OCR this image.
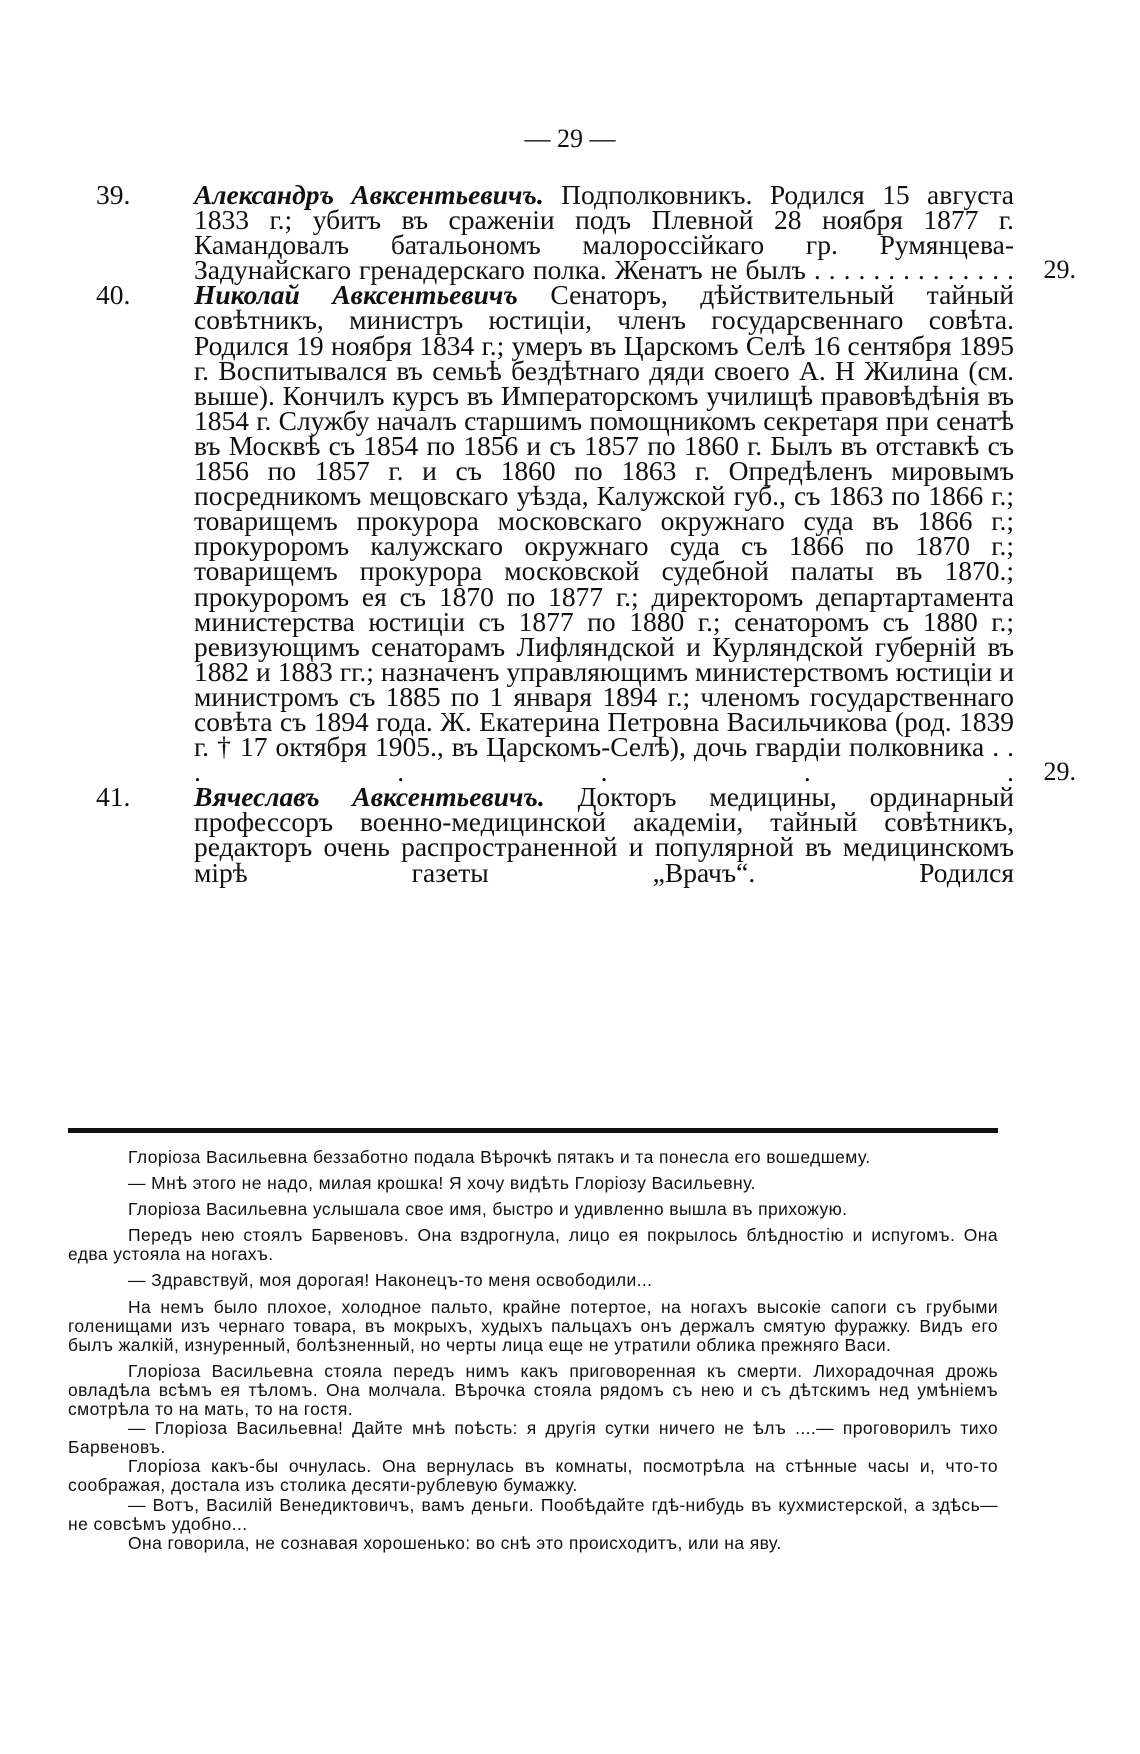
— 29 —

39. Александръ Авксентьевичъ. Подполковникъ. Родился 15 августа 1833 г.; убитъ въ сраженіи подъ Плевной 28 ноября 1877 г. Камандовалъ батальономъ малороссійкаго гр. Румянцева-Задунайскаго гренадерскаго полка. Женатъ не былъ . . . . . . . . . . . . . .	29.

40. Николай Авксентьевичъ Сенаторъ, дѣйствительный тайный совѣтникъ, министръ юстиціи, членъ государсвеннаго совѣта. Родился 19 ноября 1834 г.; умеръ въ Царскомъ Селѣ 16 сентября 1895 г. Воспитывался въ семьѣ бездѣтнаго дяди своего А. Н Жилина (см. выше). Кончилъ курсъ въ Императорскомъ училищѣ правовѣдѣнія въ 1854 г. Службу началъ старшимъ помощникомъ секретаря при сенатѣ въ Москвѣ съ 1854 по 1856 и съ 1857 по 1860 г. Былъ въ отставкѣ съ 1856 по 1857 г. и съ 1860 по 1863 г. Опредѣленъ мировымъ посредникомъ мещовскаго уѣзда, Калужской губ., съ 1863 по 1866 г.; товарищемъ прокурора московскаго окружнаго суда въ 1866 г.; прокуроромъ калужскаго окружнаго суда съ 1866 по 1870 г.; товарищемъ прокурора московской судебной палаты въ 1870.; прокуроромъ ея съ 1870 по 1877 г.; директоромъ департартамента министерства юстиціи съ 1877 по 1880 г.; сенаторомъ съ 1880 г.; ревизующимъ сенаторамъ Лифляндской и Курляндской губерній въ 1882 и 1883 гг.; назначенъ управляющимъ министерствомъ юстиціи и министромъ съ 1885 по 1 января 1894 г.; членомъ государственнаго совѣта съ 1894 года. Ж. Екатерина Петровна Васильчикова (род. 1839 г. † 17 октября 1905., въ Царскомъ-Селѣ), дочь гвардіи полковника . . . . . . .	29.

41. Вячеславъ Авксентьевичъ. Докторъ медицины, ординарный профессоръ военно-медицинской академіи, тайный совѣтникъ, редакторъ очень распространенной и популярной въ медицинскомъ мірѣ газеты „Врачъ“. Родился

Глоріоза Васильевна беззаботно подала Вѣрочкѣ пятакъ и та понесла его вошедшему.

— Мнѣ этого не надо, милая крошка! Я хочу видѣть Глоріозу Васильевну.

Глоріоза Васильевна услышала свое имя, быстро и удивленно вышла въ прихожую.

Передъ нею стоялъ Барвеновъ. Она вздрогнула, лицо ея покрылось блѣдностію и испугомъ. Она едва устояла на ногахъ.

— Здравствуй, моя дорогая! Наконецъ-то меня освободили...

На немъ было плохое, холодное пальто, крайне потертое, на ногахъ высокіе сапоги съ грубыми голенищами изъ чернаго товара, въ мокрыхъ, худыхъ пальцахъ онъ держалъ смятую фуражку. Видъ его былъ жалкій, изнуренный, болѣзненный, но черты лица еще не утратили облика прежняго Васи.

Глоріоза Васильевна стояла передъ нимъ какъ приговоренная къ смерти. Лихорадочная дрожь овладѣла всѣмъ ея тѣломъ. Она молчала. Вѣрочка стояла рядомъ съ нею и съ дѣтскимъ нед умѣніемъ смотрѣла то на мать, то на гостя.

— Глоріоза Васильевна! Дайте мнѣ поѣсть: я другія сутки ничего не ѣлъ ....— проговорилъ тихо Барвеновъ.

Глоріоза какъ-бы очнулась. Она вернулась въ комнаты, посмотрѣла на стѣнные часы и, что-то соображая, достала изъ столика десяти-рублевую бумажку.

— Вотъ, Василій Венедиктовичъ, вамъ деньги. Пообѣдайте гдѣ-нибудь въ кухмистерской, а здѣсь—не совсѣмъ удобно...

Она говорила, не сознавая хорошенько: во снѣ это происходитъ, или на яву.
